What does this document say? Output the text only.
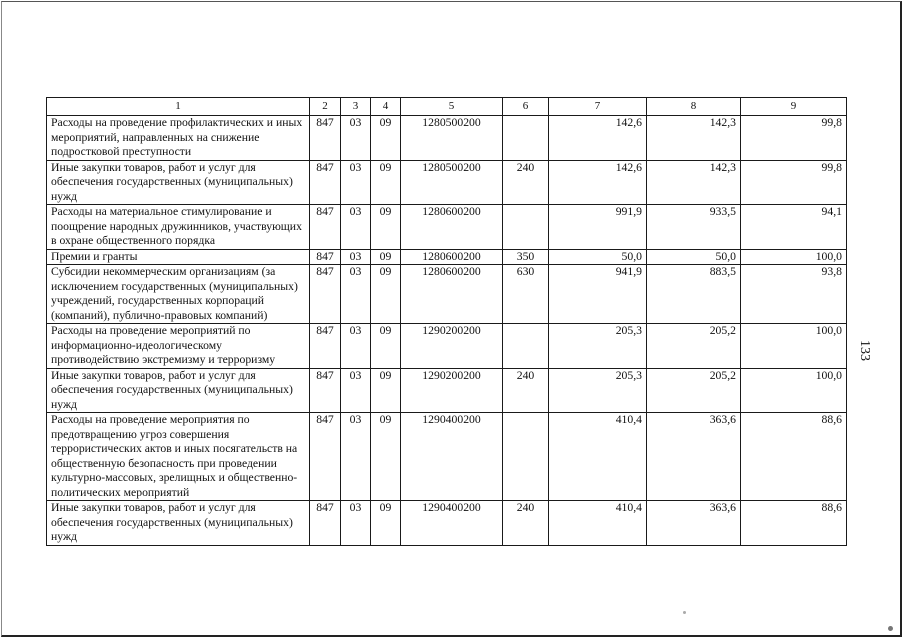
1	2	3	4	5	6	7	8	9
Расходы на проведение профилактических и иных мероприятий, направленных на снижение подростковой преступности	847	03	09	1280500200		142,6	142,3	99,8
Иные закупки товаров, работ и услуг для обеспечения государственных (муниципальных) нужд	847	03	09	1280500200	240	142,6	142,3	99,8
Расходы на материальное стимулирование и поощрение народных дружинников, участвующих в охране общественного порядка	847	03	09	1280600200		991,9	933,5	94,1
Премии и гранты	847	03	09	1280600200	350	50,0	50,0	100,0
Субсидии некоммерческим организациям (за исключением государственных (муниципальных) учреждений, государственных корпораций (компаний), публично-правовых компаний)	847	03	09	1280600200	630	941,9	883,5	93,8
Расходы на проведение мероприятий по информационно-идеологическому противодействию экстремизму и терроризму	847	03	09	1290200200		205,3	205,2	100,0
Иные закупки товаров, работ и услуг для обеспечения государственных (муниципальных) нужд	847	03	09	1290200200	240	205,3	205,2	100,0
Расходы на проведение мероприятия по предотвращению угроз совершения террористических актов и иных посягательств на общественную безопасность при проведении культурно-массовых, зрелищных и общественно-политических мероприятий	847	03	09	1290400200		410,4	363,6	88,6
Иные закупки товаров, работ и услуг для обеспечения государственных (муниципальных) нужд	847	03	09	1290400200	240	410,4	363,6	88,6
133
